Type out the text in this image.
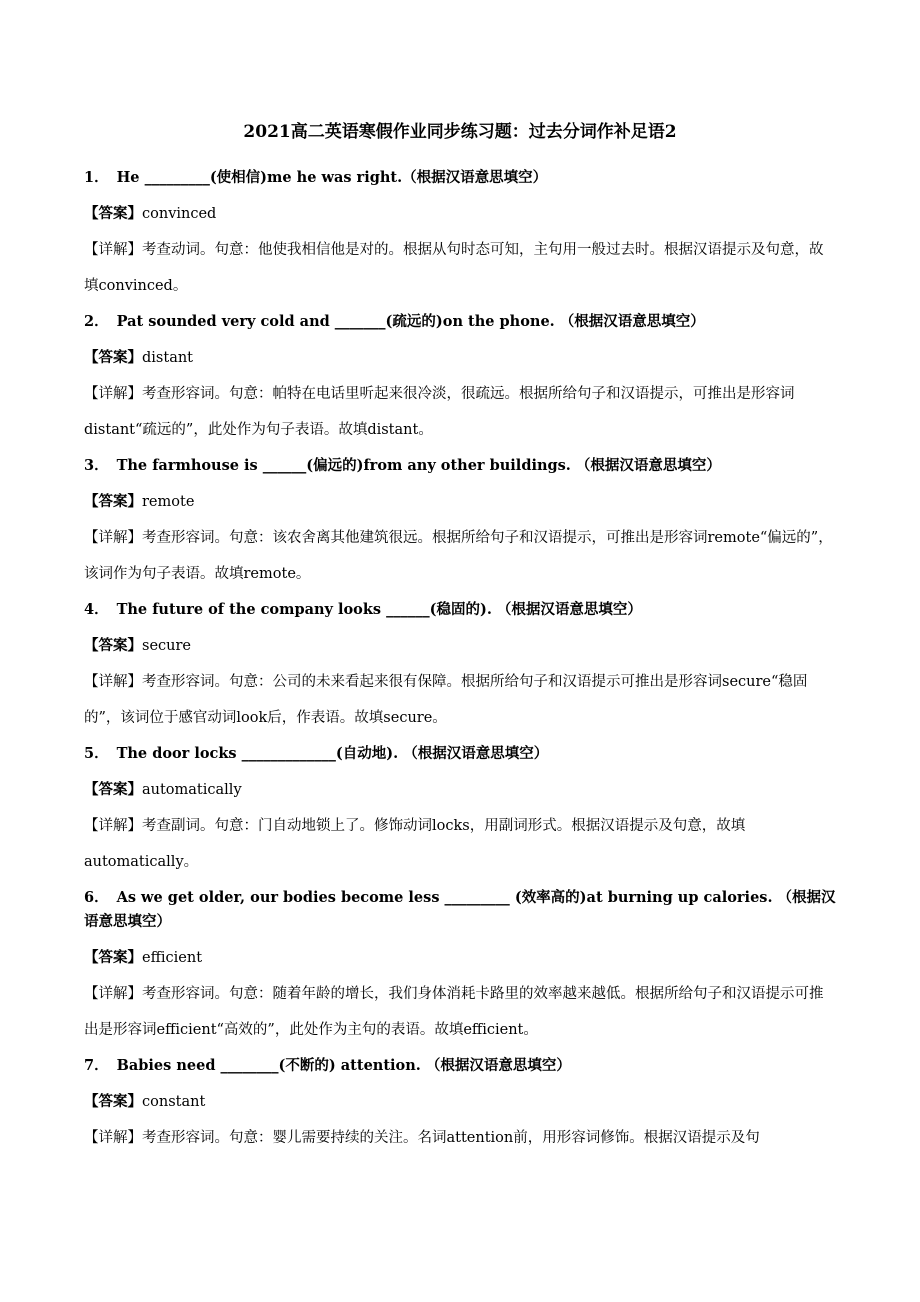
2021高二英语寒假作业同步练习题：过去分词作补足语2
1． He _________(使相信)me he was right.（根据汉语意思填空）
【答案】convinced
【详解】考查动词。句意：他使我相信他是对的。根据从句时态可知，主句用一般过去时。根据汉语提示及句意，故填convinced。
2． Pat sounded very cold and _______(疏远的)on the phone. （根据汉语意思填空）
【答案】distant
【详解】考查形容词。句意：帕特在电话里听起来很冷淡，很疏远。根据所给句子和汉语提示，可推出是形容词distant“疏远的”，此处作为句子表语。故填distant。
3． The farmhouse is ______(偏远的)from any other buildings. （根据汉语意思填空）
【答案】remote
【详解】考查形容词。句意：该农舍离其他建筑很远。根据所给句子和汉语提示，可推出是形容词remote“偏远的”，该词作为句子表语。故填remote。
4． The future of the company looks ______(稳固的). （根据汉语意思填空）
【答案】secure
【详解】考查形容词。句意：公司的未来看起来很有保障。根据所给句子和汉语提示可推出是形容词secure“稳固的”，该词位于感官动词look后，作表语。故填secure。
5． The door locks _____________(自动地). （根据汉语意思填空）
【答案】automatically
【详解】考查副词。句意：门自动地锁上了。修饰动词locks，用副词形式。根据汉语提示及句意，故填automatically。
6． As we get older, our bodies become less _________ (效率高的)at burning up calories. （根据汉语意思填空）
【答案】efficient
【详解】考查形容词。句意：随着年龄的增长，我们身体消耗卡路里的效率越来越低。根据所给句子和汉语提示可推出是形容词efficient“高效的”，此处作为主句的表语。故填efficient。
7． Babies need ________(不断的) attention. （根据汉语意思填空）
【答案】constant
【详解】考查形容词。句意：婴儿需要持续的关注。名词attention前，用形容词修饰。根据汉语提示及句
